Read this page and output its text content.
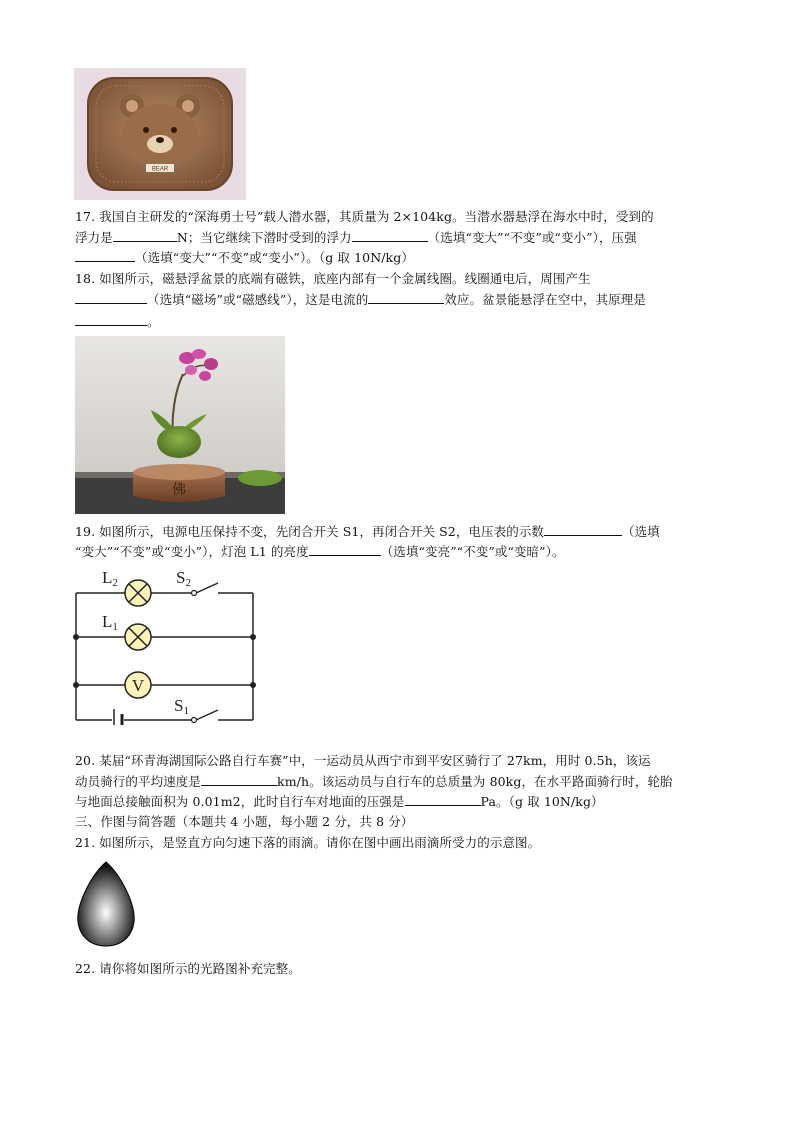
BEAR
17. 我国自主研发的“深海勇士号”载人潜水器，其质量为 2×104kg。当潜水器悬浮在海水中时，受到的
浮力是	N；当它继续下潜时受到的浮力	（选填“变大”“不变”或“变小”），压强
（选填“变大”“不变”或“变小”）。（g 取 10N/kg）
18. 如图所示，磁悬浮盆景的底端有磁铁，底座内部有一个金属线圈。线圈通电后，周围产生
（选填“磁场”或“磁感线”），这是电流的	效应。盆景能悬浮在空中，其原理是
。
佛
19. 如图所示，电源电压保持不变，先闭合开关 S1，再闭合开关 S2，电压表的示数	（选填
“变大”“不变”或“变小”），灯泡 L1 的亮度	（选填“变亮”“不变”或“变暗”）。
V
L2	S2
L1
S1
20. 某届“环青海湖国际公路自行车赛”中，一运动员从西宁市到平安区骑行了 27km，用时 0.5h，该运
动员骑行的平均速度是	km/h。该运动员与自行车的总质量为 80kg，在水平路面骑行时，轮胎
与地面总接触面积为 0.01m2，此时自行车对地面的压强是	Pa。（g 取 10N/kg）
三、作图与简答题（本题共 4 小题，每小题 2 分，共 8 分）
21. 如图所示，是竖直方向匀速下落的雨滴。请你在图中画出雨滴所受力的示意图。
22. 请你将如图所示的光路图补充完整。
